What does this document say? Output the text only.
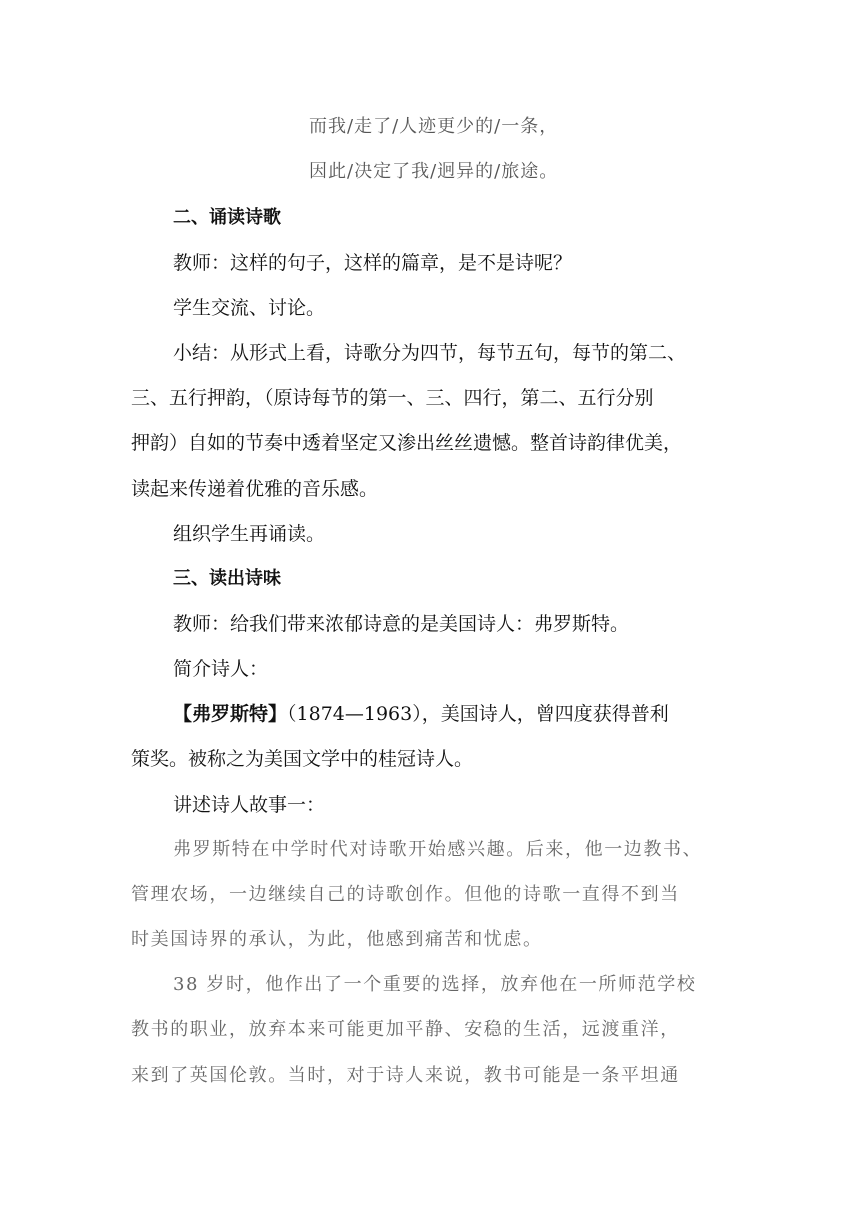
而我/走了/人迹更少的/一条，
因此/决定了我/迥异的/旅途。
二、诵读诗歌
教师：这样的句子，这样的篇章，是不是诗呢？
学生交流、讨论。
小结：从形式上看，诗歌分为四节，每节五句，每节的第二、
三、五行押韵，（原诗每节的第一、三、四行，第二、五行分别
押韵）自如的节奏中透着坚定又渗出丝丝遗憾。整首诗韵律优美，
读起来传递着优雅的音乐感。
组织学生再诵读。
三、读出诗味
教师：给我们带来浓郁诗意的是美国诗人：弗罗斯特。
简介诗人：
【弗罗斯特】（1874—1963），美国诗人，曾四度获得普利
策奖。被称之为美国文学中的桂冠诗人。
讲述诗人故事一：
弗罗斯特在中学时代对诗歌开始感兴趣。后来，他一边教书、
管理农场，一边继续自己的诗歌创作。但他的诗歌一直得不到当
时美国诗界的承认，为此，他感到痛苦和忧虑。
38 岁时，他作出了一个重要的选择，放弃他在一所师范学校
教书的职业，放弃本来可能更加平静、安稳的生活，远渡重洋，
来到了英国伦敦。当时，对于诗人来说，教书可能是一条平坦通
